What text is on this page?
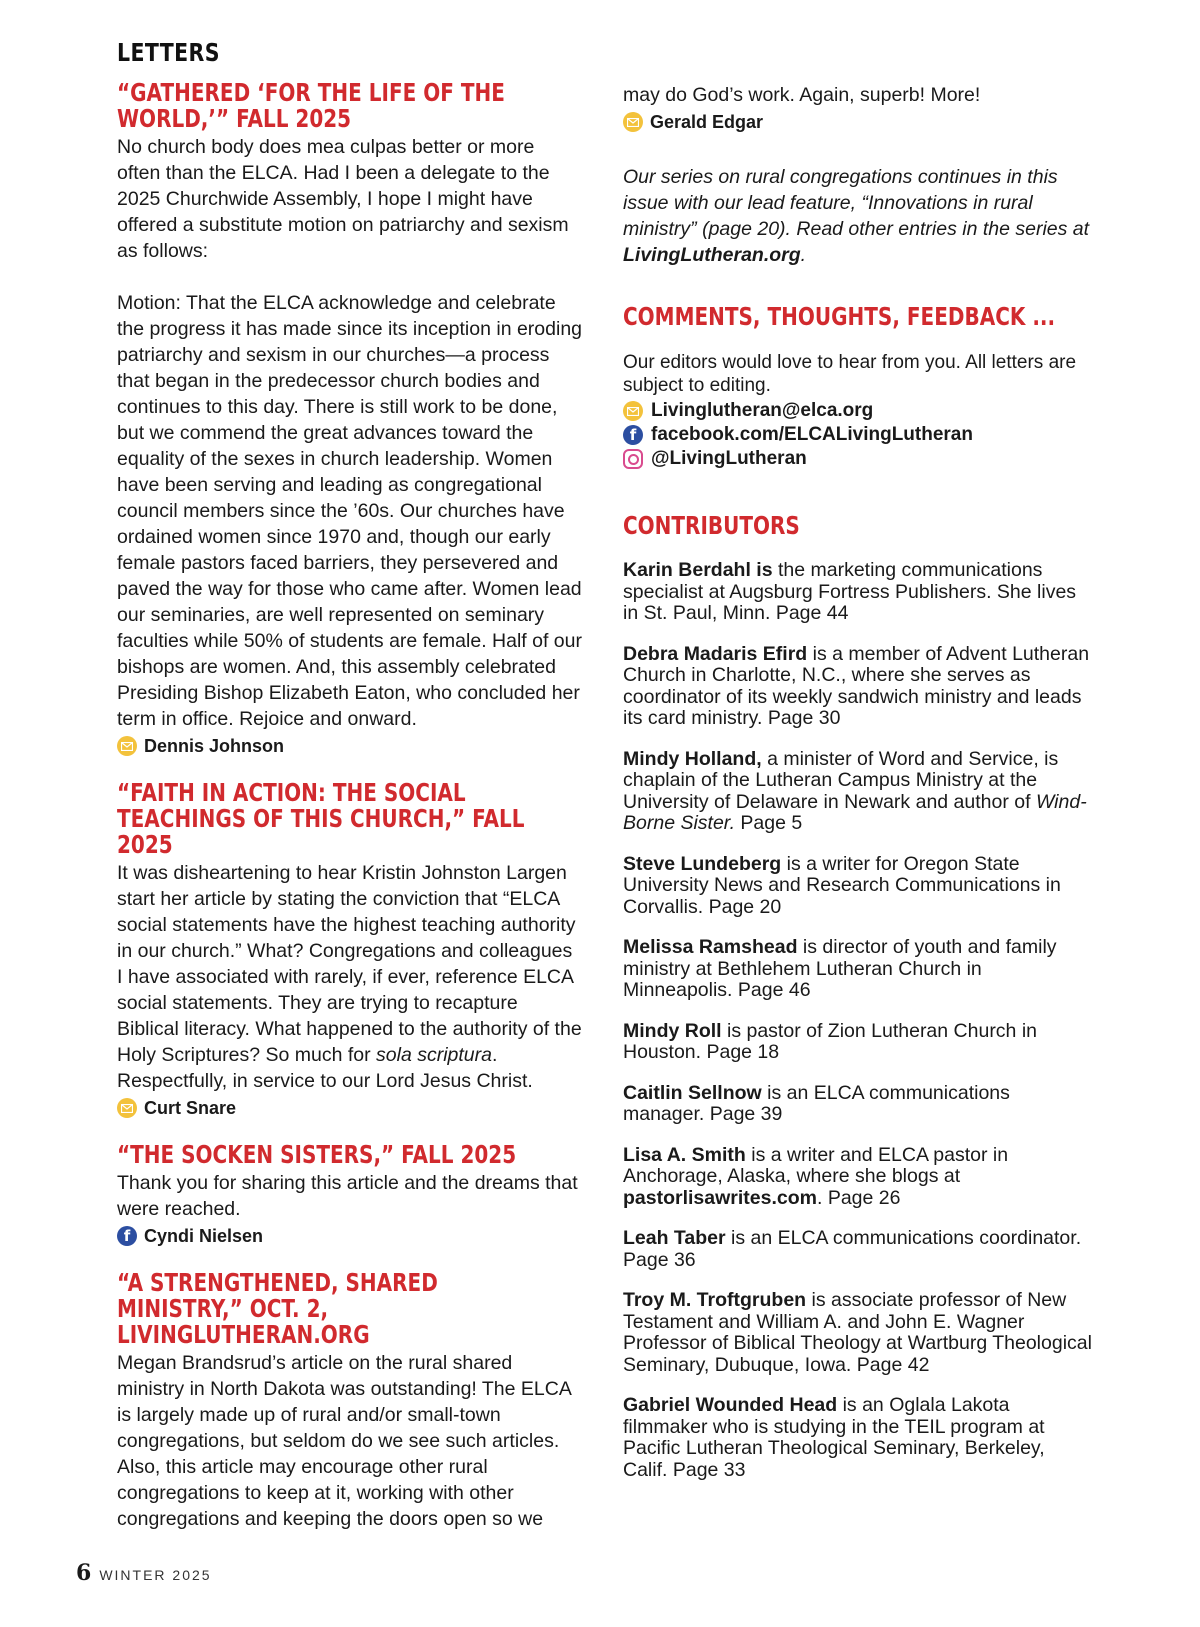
LETTERS
“GATHERED ‘FOR THE LIFE OF THE WORLD,’” FALL 2025

No church body does mea culpas better or more often than the ELCA. Had I been a delegate to the 2025 Churchwide Assembly, I hope I might have offered a substitute motion on patriarchy and sexism as follows:

Motion: That the ELCA acknowledge and celebrate the progress it has made since its inception in eroding patriarchy and sexism in our churches—a process that began in the predecessor church bodies and continues to this day. There is still work to be done, but we commend the great advances toward the equality of the sexes in church leadership. Women have been serving and leading as congregational council members since the ’60s. Our churches have ordained women since 1970 and, though our early female pastors faced barriers, they persevered and paved the way for those who came after. Women lead our seminaries, are well represented on seminary faculties while 50% of students are female. Half of our bishops are women. And, this assembly celebrated Presiding Bishop Elizabeth Eaton, who concluded her term in office. Rejoice and onward.

Dennis Johnson
“FAITH IN ACTION: THE SOCIAL TEACHINGS OF THIS CHURCH,” FALL 2025

It was disheartening to hear Kristin Johnston Largen start her article by stating the conviction that “ELCA social statements have the highest teaching authority in our church.” What? Congregations and colleagues I have associated with rarely, if ever, reference ELCA social statements. They are trying to recapture Biblical literacy. What happened to the authority of the Holy Scriptures? So much for sola scriptura. Respectfully, in service to our Lord Jesus Christ.

Curt Snare
“THE SOCKEN SISTERS,” FALL 2025

Thank you for sharing this article and the dreams that were reached.

f Cyndi Nielsen
“A STRENGTHENED, SHARED MINISTRY,” OCT. 2, LIVINGLUTHERAN.ORG

Megan Brandsrud’s article on the rural shared ministry in North Dakota was outstanding! The ELCA is largely made up of rural and/or small-town congregations, but seldom do we see such articles. Also, this article may encourage other rural congregations to keep at it, working with other congregations and keeping the doors open so we

may do God’s work. Again, superb! More!

Gerald Edgar

Our series on rural congregations continues in this issue with our lead feature, “Innovations in rural ministry” (page 20). Read other entries in the series at LivingLutheran.org.

COMMENTS, THOUGHTS, FEEDBACK ...

Our editors would love to hear from you. All letters are subject to editing.

Livinglutheran@elca.org
f facebook.com/ELCALivingLutheran
@LivingLutheran
CONTRIBUTORS

Karin Berdahl is the marketing communications specialist at Augsburg Fortress Publishers. She lives in St. Paul, Minn. Page 44

Debra Madaris Efird is a member of Advent Lutheran Church in Charlotte, N.C., where she serves as coordinator of its weekly sandwich ministry and leads its card ministry. Page 30

Mindy Holland, a minister of Word and Service, is chaplain of the Lutheran Campus Ministry at the University of Delaware in Newark and author of Wind-Borne Sister. Page 5

Steve Lundeberg is a writer for Oregon State University News and Research Communications in Corvallis. Page 20

Melissa Ramshead is director of youth and family ministry at Bethlehem Lutheran Church in Minneapolis. Page 46

Mindy Roll is pastor of Zion Lutheran Church in Houston. Page 18

Caitlin Sellnow is an ELCA communications manager. Page 39

Lisa A. Smith is a writer and ELCA pastor in Anchorage, Alaska, where she blogs at pastorlisawrites.com. Page 26

Leah Taber is an ELCA communications coordinator. Page 36

Troy M. Troftgruben is associate professor of New Testament and William A. and John E. Wagner Professor of Biblical Theology at Wartburg Theological Seminary, Dubuque, Iowa. Page 42

Gabriel Wounded Head is an Oglala Lakota filmmaker who is studying in the TEIL program at Pacific Lutheran Theological Seminary, Berkeley, Calif. Page 33

6 WINTER 2025
